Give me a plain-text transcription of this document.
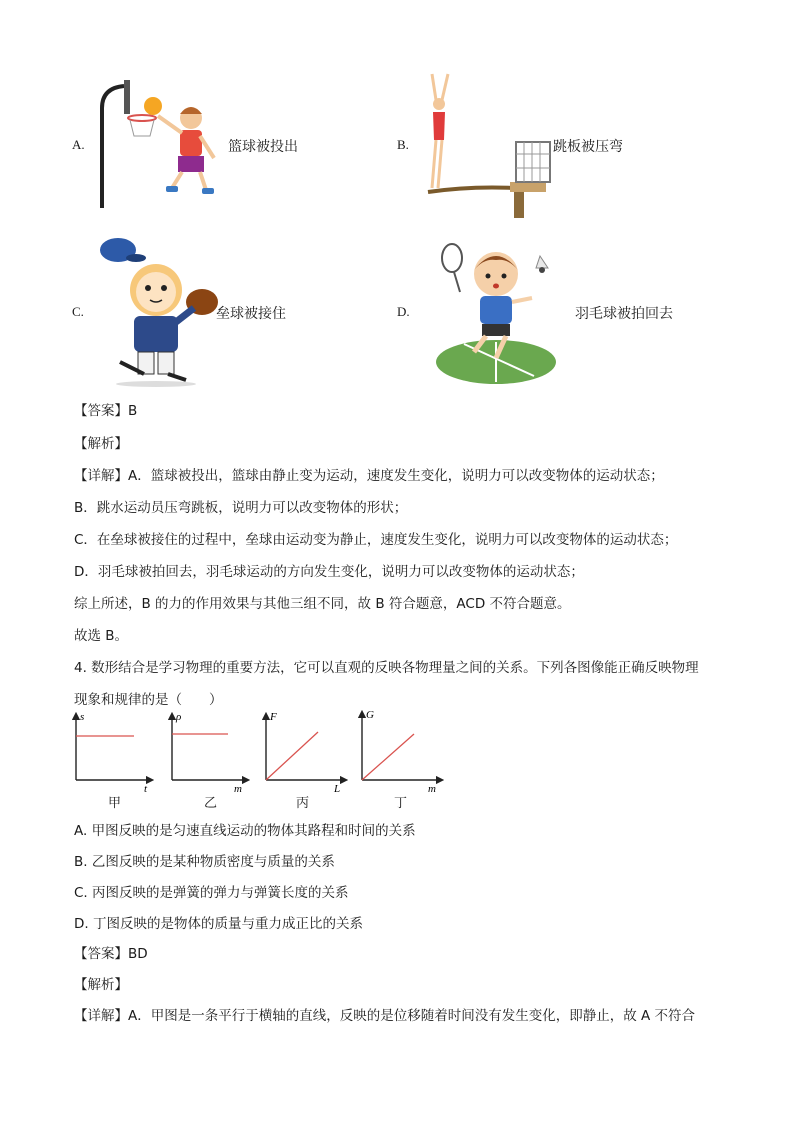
A.	篮球被投出	B.	跳板被压弯
C.	垒球被接住	D.	羽毛球被拍回去
【答案】B
【解析】
【详解】A．篮球被投出，篮球由静止变为运动，速度发生变化，说明力可以改变物体的运动状态；
B．跳水运动员压弯跳板，说明力可以改变物体的形状；
C．在垒球被接住的过程中，垒球由运动变为静止，速度发生变化，说明力可以改变物体的运动状态；
D．羽毛球被拍回去，羽毛球运动的方向发生变化，说明力可以改变物体的运动状态；
综上所述，B 的力的作用效果与其他三组不同，故 B 符合题意，ACD 不符合题意。
故选 B。
4. 数形结合是学习物理的重要方法，它可以直观的反映各物理量之间的关系。下列各图像能正确反映物理
现象和规律的是（　　）
s
t
甲
ρ
m
乙
F
L
丙
G
m
丁
A. 甲图反映的是匀速直线运动的物体其路程和时间的关系
B. 乙图反映的是某种物质密度与质量的关系
C. 丙图反映的是弹簧的弹力与弹簧长度的关系
D. 丁图反映的是物体的质量与重力成正比的关系
【答案】BD
【解析】
【详解】A．甲图是一条平行于横轴的直线，反映的是位移随着时间没有发生变化，即静止，故 A 不符合
